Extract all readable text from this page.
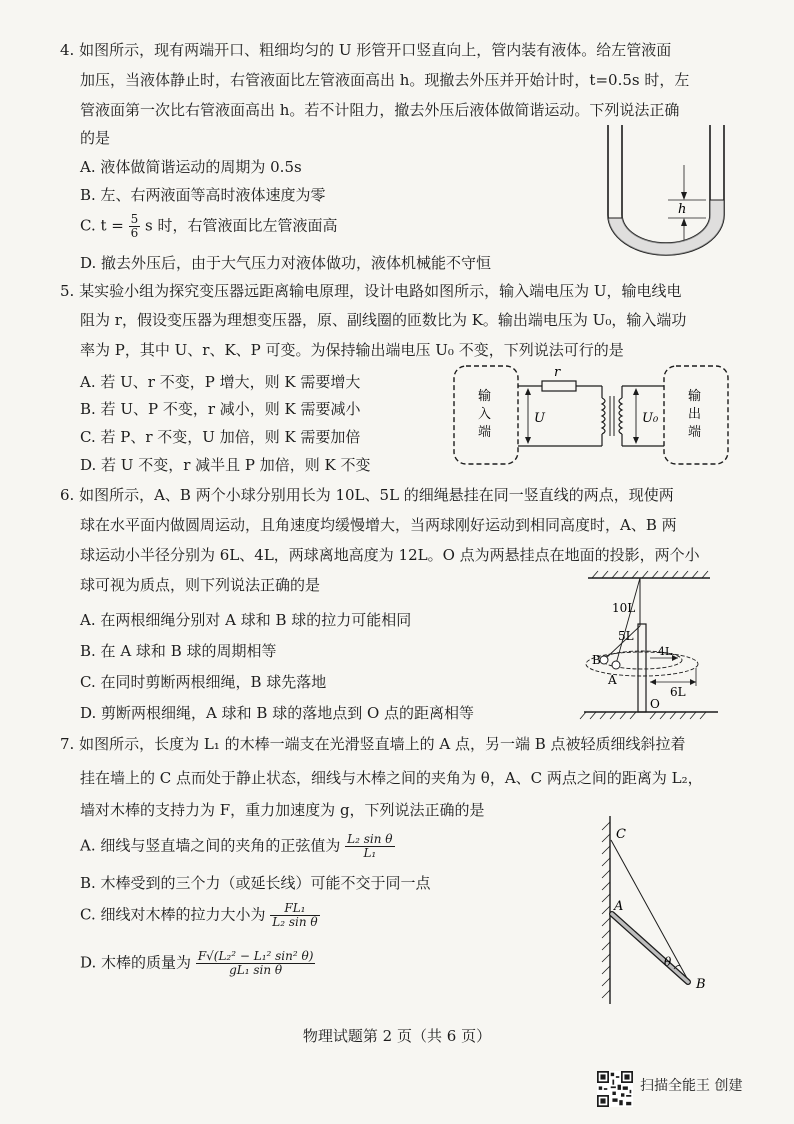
4. 如图所示，现有两端开口、粗细均匀的 U 形管开口竖直向上，管内装有液体。给左管液面
加压，当液体静止时，右管液面比左管液面高出 h。现撤去外压并开始计时，t=0.5s 时，左
管液面第一次比右管液面高出 h。若不计阻力，撤去外压后液体做简谐运动。下列说法正确
的是
A. 液体做简谐运动的周期为 0.5s
B. 左、右两液面等高时液体速度为零
C. $t = \frac{5}{6}$ s 时，右管液面比左管液面高
D. 撤去外压后，由于大气压力对液体做功，液体机械能不守恒
h
5. 某实验小组为探究变压器远距离输电原理，设计电路如图所示，输入端电压为 U，输电线电
阻为 r，假设变压器为理想变压器，原、副线圈的匝数比为 K。输出端电压为 U₀，输入端功
率为 P，其中 U、r、K、P 可变。为保持输出端电压 U₀ 不变，下列说法可行的是
A. 若 U、r 不变，P 增大，则 K 需要增大
B. 若 U、P 不变，r 减小，则 K 需要减小
C. 若 P、r 不变，U 加倍，则 K 需要加倍
D. 若 U 不变，r 减半且 P 加倍，则 K 不变
输
入
端
输
出
端
r
U	U₀
6. 如图所示，A、B 两个小球分别用长为 10L、5L 的细绳悬挂在同一竖直线的两点，现使两
球在水平面内做圆周运动，且角速度均缓慢增大，当两球刚好运动到相同高度时，A、B 两
球运动小半径分别为 6L、4L，两球离地高度为 12L。O 点为两悬挂点在地面的投影，两个小
球可视为质点，则下列说法正确的是
A. 在两根细绳分别对 A 球和 B 球的拉力可能相同
B. 在 A 球和 B 球的周期相等
C. 在同时剪断两根细绳，B 球先落地
D. 剪断两根细绳，A 球和 B 球的落地点到 O 点的距离相等
10L
5L
4L
6L
A
B
O
7. 如图所示，长度为 L₁ 的木棒一端支在光滑竖直墙上的 A 点，另一端 B 点被轻质细线斜拉着
挂在墙上的 C 点而处于静止状态，细线与木棒之间的夹角为 θ，A、C 两点之间的距离为 L₂，
墙对木棒的支持力为 F，重力加速度为 g，下列说法正确的是
A. 细线与竖直墙之间的夹角的正弦值为 $\frac{\text{L₂ sin θ}}{\text{L₁}}$
B. 木棒受到的三个力（或延长线）可能不交于同一点
C. 细线对木棒的拉力大小为 $\frac{\text{FL₁}}{\text{L₂ sin θ}}$
D. 木棒的质量为 $\frac{\text{F√(L₂² − L₁² sin² θ)}}{\text{gL₁ sin θ}}$
C
A
B
θ
物理试题第 2 页（共 6 页）
扫描全能王 创建
